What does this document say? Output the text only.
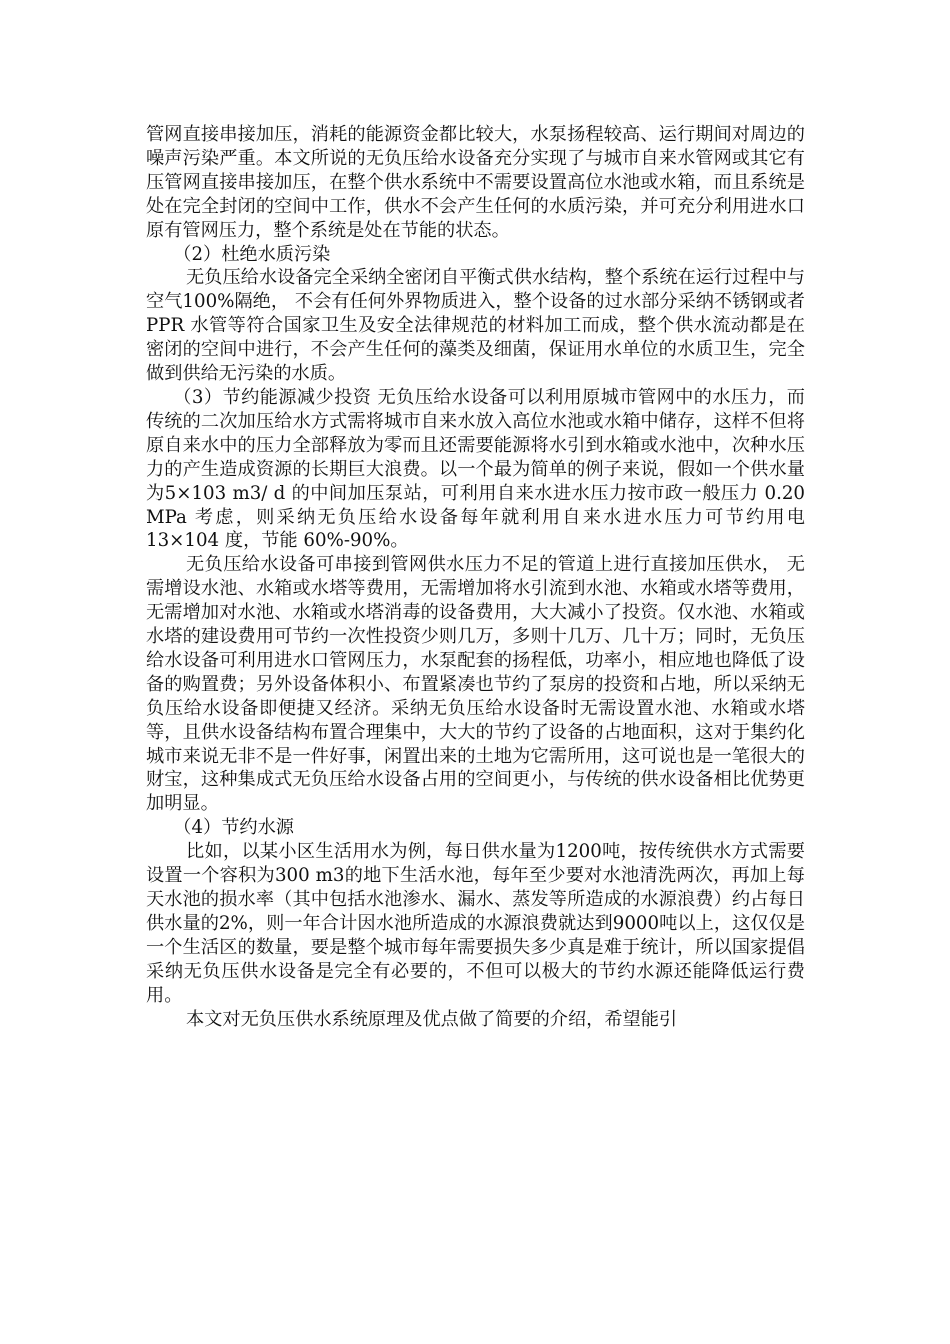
管网直接串接加压，消耗的能源资金都比较大，水泵扬程较高、运行期间对周边的噪声污染严重。本文所说的无负压给水设备充分实现了与城市自来水管网或其它有压管网直接串接加压，在整个供水系统中不需要设置高位水池或水箱，而且系统是处在完全封闭的空间中工作，供水不会产生任何的水质污染，并可充分利用进水口原有管网压力，整个系统是处在节能的状态。

（2）杜绝水质污染

无负压给水设备完全采纳全密闭自平衡式供水结构，整个系统在运行过程中与空气100%隔绝， 不会有任何外界物质进入，整个设备的过水部分采纳不锈钢或者 PPR 水管等符合国家卫生及安全法律规范的材料加工而成，整个供水流动都是在密闭的空间中进行，不会产生任何的藻类及细菌，保证用水单位的水质卫生，完全做到供给无污染的水质。

（3）节约能源减少投资 无负压给水设备可以利用原城市管网中的水压力，而传统的二次加压给水方式需将城市自来水放入高位水池或水箱中储存，这样不但将原自来水中的压力全部释放为零而且还需要能源将水引到水箱或水池中，次种水压力的产生造成资源的长期巨大浪费。以一个最为简单的例子来说，假如一个供水量为5×103 m3/ d 的中间加压泵站，可利用自来水进水压力按市政一般压力 0.20 MPa 考虑，则采纳无负压给水设备每年就利用自来水进水压力可节约用电 13×104 度，节能 60%-90%。

无负压给水设备可串接到管网供水压力不足的管道上进行直接加压供水， 无需增设水池、水箱或水塔等费用，无需增加将水引流到水池、水箱或水塔等费用，无需增加对水池、水箱或水塔消毒的设备费用，大大减小了投资。仅水池、水箱或水塔的建设费用可节约一次性投资少则几万，多则十几万、几十万；同时，无负压给水设备可利用进水口管网压力，水泵配套的扬程低，功率小，相应地也降低了设备的购置费；另外设备体积小、布置紧凑也节约了泵房的投资和占地，所以采纳无负压给水设备即便捷又经济。采纳无负压给水设备时无需设置水池、水箱或水塔等，且供水设备结构布置合理集中，大大的节约了设备的占地面积，这对于集约化城市来说无非不是一件好事，闲置出来的土地为它需所用，这可说也是一笔很大的财宝，这种集成式无负压给水设备占用的空间更小，与传统的供水设备相比优势更加明显。

（4）节约水源

比如，以某小区生活用水为例，每日供水量为1200吨，按传统供水方式需要设置一个容积为300 m3的地下生活水池，每年至少要对水池清洗两次，再加上每天水池的损水率（其中包括水池渗水、漏水、蒸发等所造成的水源浪费）约占每日供水量的2%，则一年合计因水池所造成的水源浪费就达到9000吨以上，这仅仅是一个生活区的数量，要是整个城市每年需要损失多少真是难于统计，所以国家提倡采纳无负压供水设备是完全有必要的，不但可以极大的节约水源还能降低运行费用。

本文对无负压供水系统原理及优点做了简要的介绍，希望能引
